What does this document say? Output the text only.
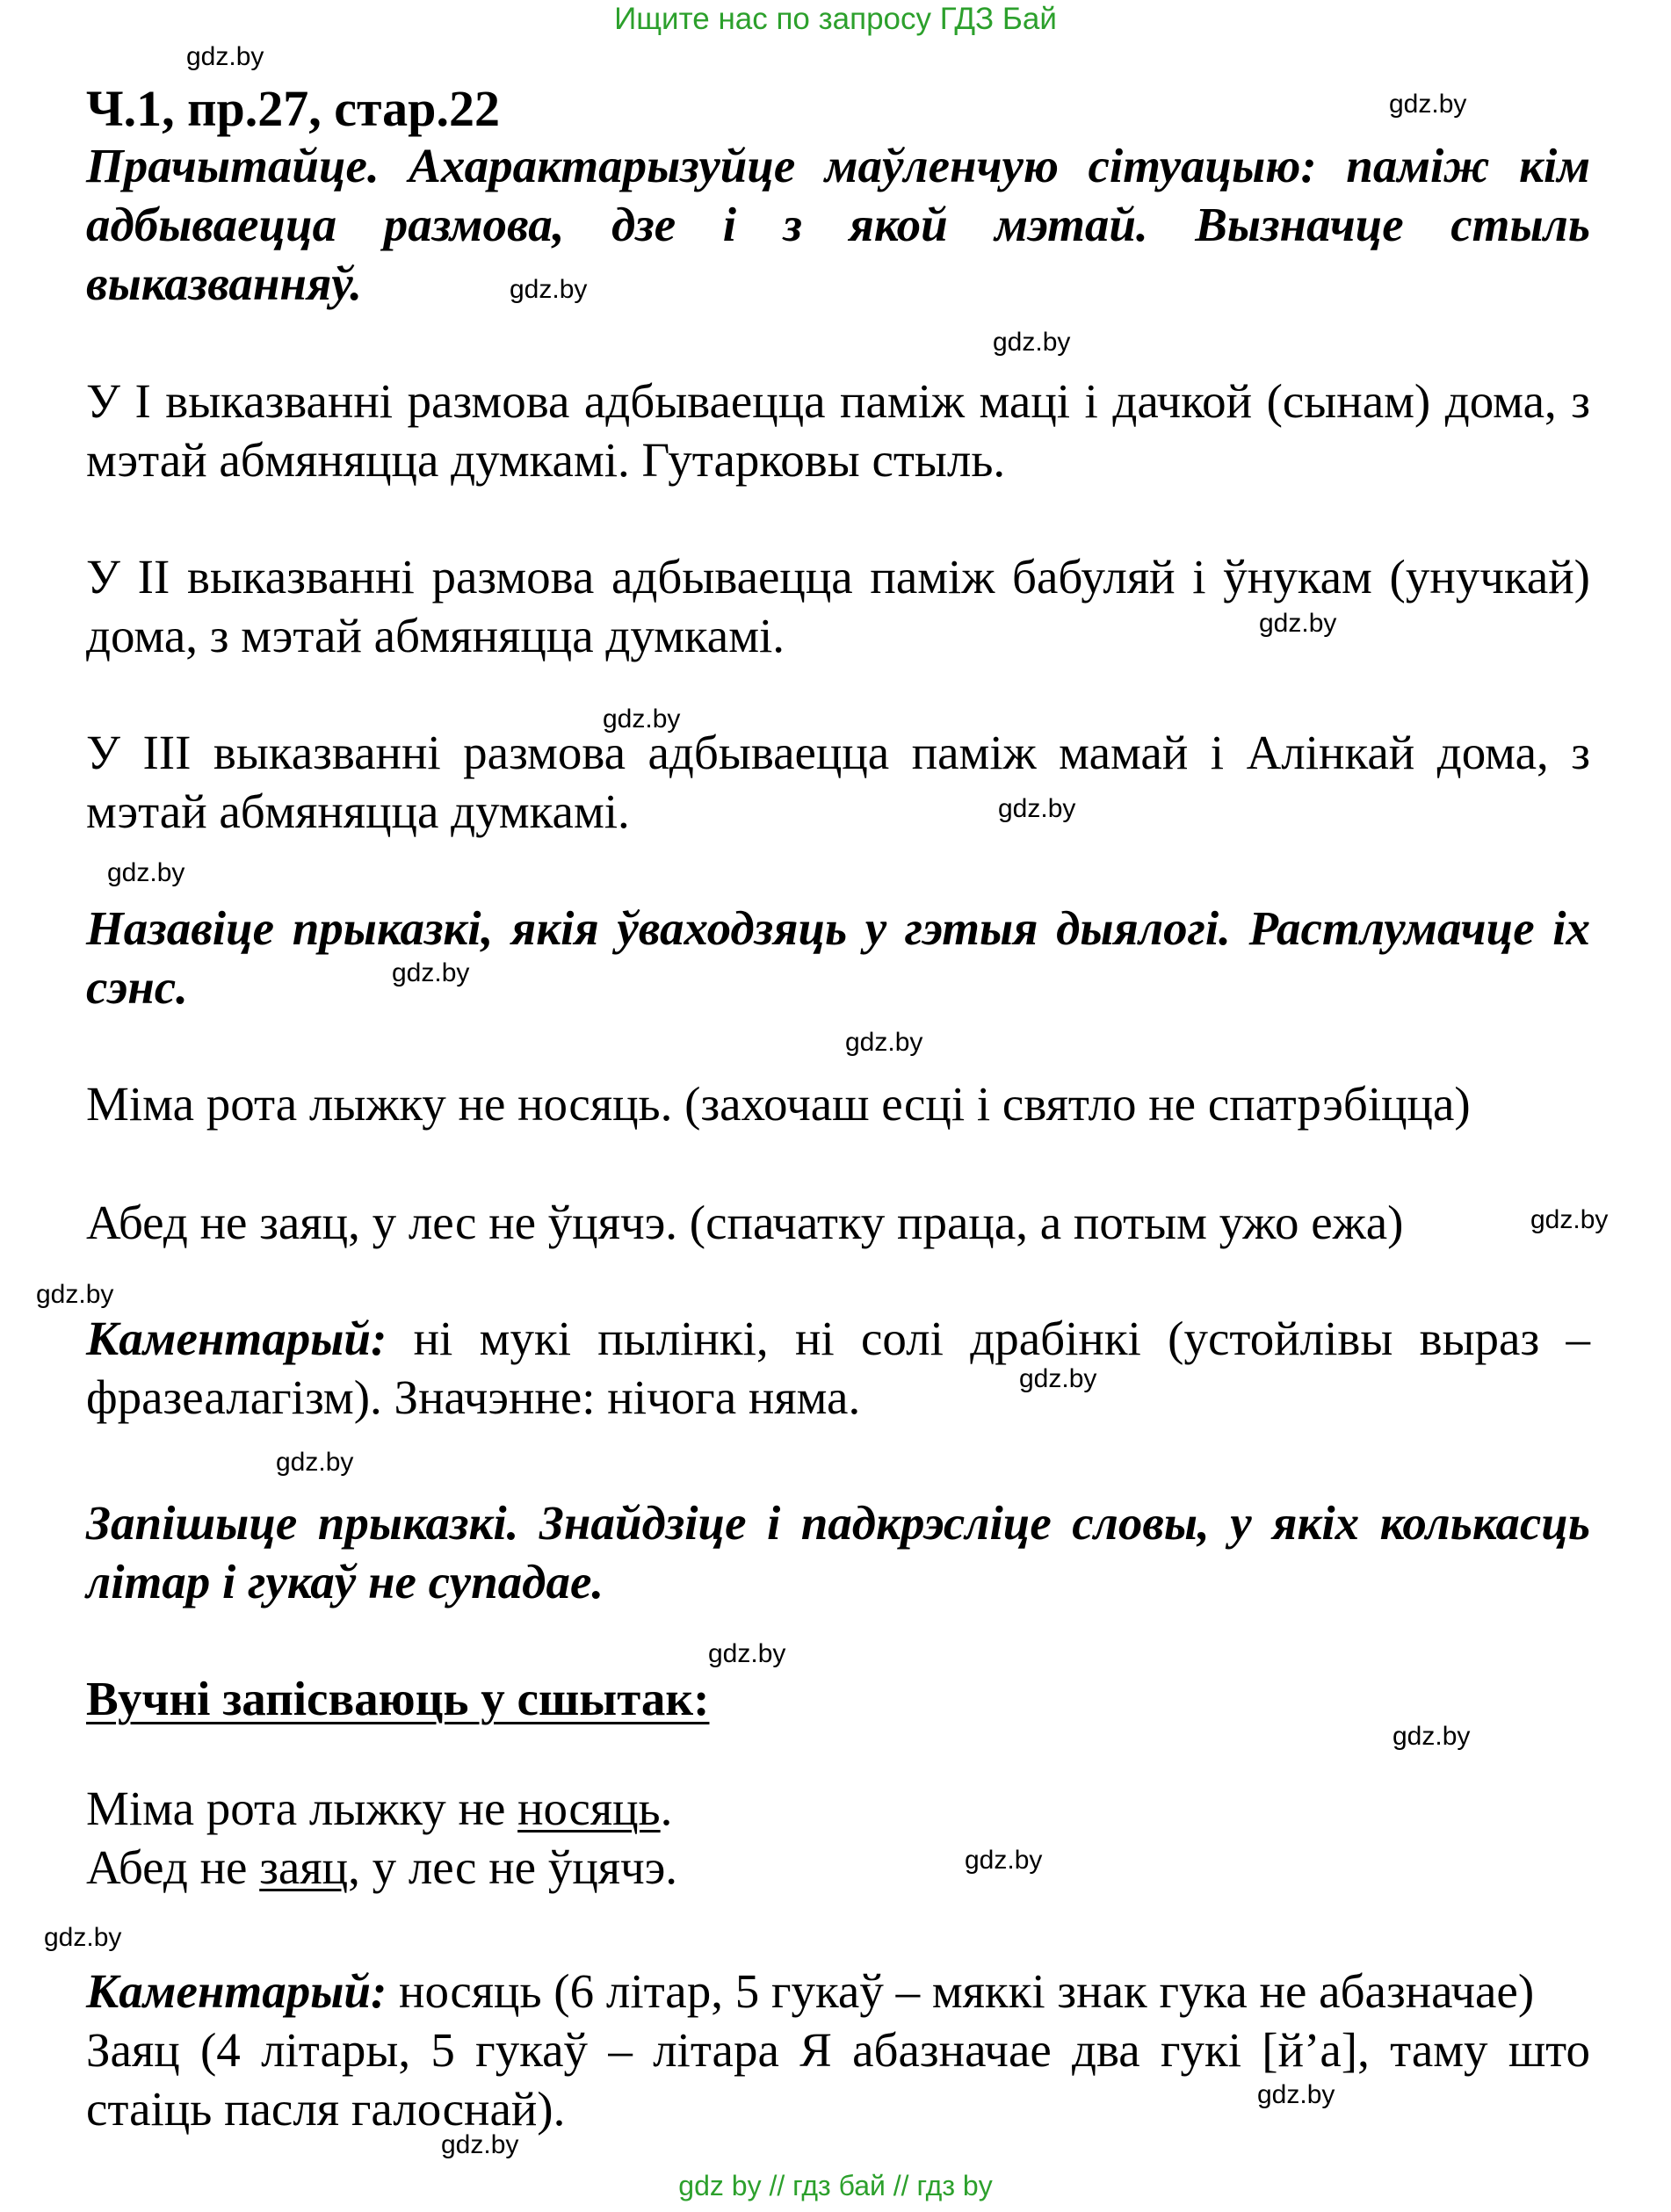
Ищите нас по запросу ГДЗ Бай
Ч.1, пр.27, стар.22

Прачытайце. Ахарактарызуйце маўленчую сітуацыю: паміж кім адбываецца размова, дзе і з якой мэтай. Вызначце стыль выказванняў.

У І выказванні размова адбываецца паміж маці і дачкой (сынам) дома, з мэтай абмяняцца думкамі. Гутарковы стыль.

У ІІ выказванні размова адбываецца паміж бабуляй і ўнукам (унучкай) дома, з мэтай абмяняцца думкамі.

У ІІІ выказванні размова адбываецца паміж мамай і Алінкай дома, з мэтай абмяняцца думкамі.

Назавіце прыказкі, якія ўваходзяць у гэтыя дыялогі. Растлумачце іх сэнс.

Міма рота лыжку не носяць. (захочаш есці і святло не спатрэбіцца)

Абед не заяц, у лес не ўцячэ. (спачатку праца, а потым ужо ежа)

Каментарый: ні мукі пылінкі, ні солі драбінкі (устойлівы выраз – фразеалагізм). Значэнне: нічога няма.

Запішыце прыказкі. Знайдзіце і падкрэсліце словы, у якіх колькасць літар і гукаў не супадае.

Вучні запісваюць у сшытак:

Міма рота лыжку не носяць.
Абед не заяц, у лес не ўцячэ.

Каментарый: носяць (6 літар, 5 гукаў – мяккі знак гука не абазначае)
Заяц (4 літары, 5 гукаў – літара Я абазначае два гукі [й’а], таму што стаіць пасля галоснай).

gdz.by
gdz.by
gdz.by
gdz.by
gdz.by
gdz.by
gdz.by
gdz.by
gdz.by
gdz.by
gdz.by
gdz.by
gdz.by
gdz.by
gdz.by
gdz.by
gdz.by
gdz.by
gdz.by
gdz.by
gdz by // гдз бай // гдз by
